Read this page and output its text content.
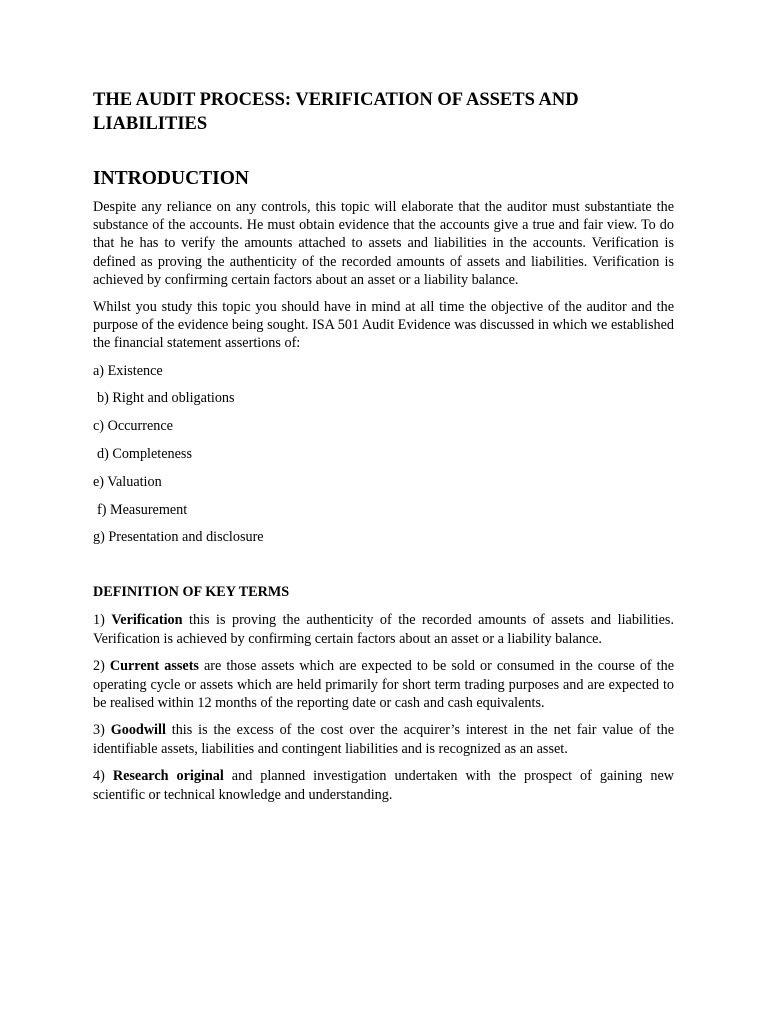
THE AUDIT PROCESS: VERIFICATION OF ASSETS AND LIABILITIES
INTRODUCTION

Despite any reliance on any controls, this topic will elaborate that the auditor must substantiate the substance of the accounts. He must obtain evidence that the accounts give a true and fair view. To do that he has to verify the amounts attached to assets and liabilities in the accounts. Verification is defined as proving the authenticity of the recorded amounts of assets and liabilities. Verification is achieved by confirming certain factors about an asset or a liability balance.

Whilst you study this topic you should have in mind at all time the objective of the auditor and the purpose of the evidence being sought. ISA 501 Audit Evidence was discussed in which we established the financial statement assertions of:

a) Existence

b) Right and obligations

c) Occurrence

d) Completeness

e) Valuation

f) Measurement

g) Presentation and disclosure

DEFINITION OF KEY TERMS

1) Verification this is proving the authenticity of the recorded amounts of assets and liabilities. Verification is achieved by confirming certain factors about an asset or a liability balance.

2) Current assets are those assets which are expected to be sold or consumed in the course of the operating cycle or assets which are held primarily for short term trading purposes and are expected to be realised within 12 months of the reporting date or cash and cash equivalents.

3) Goodwill this is the excess of the cost over the acquirer’s interest in the net fair value of the identifiable assets, liabilities and contingent liabilities and is recognized as an asset.

4) Research original and planned investigation undertaken with the prospect of gaining new scientific or technical knowledge and understanding.
